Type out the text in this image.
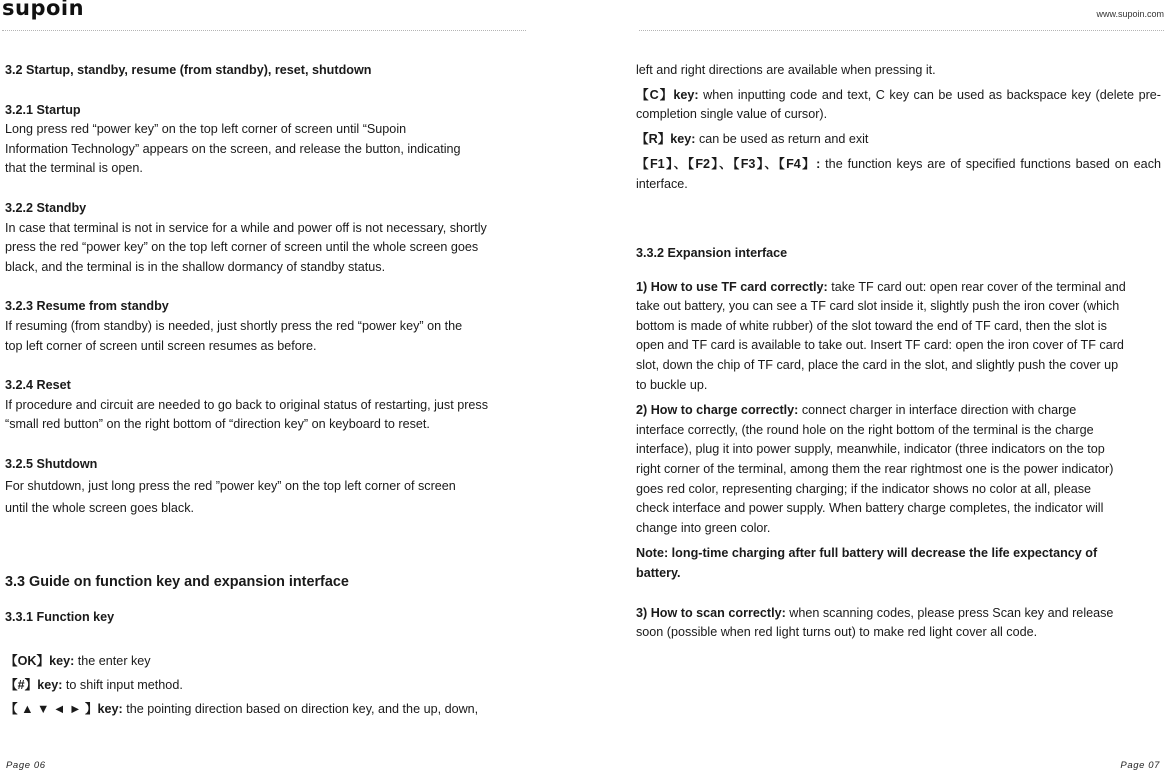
supoin

3.2 Startup, standby, resume (from standby), reset, shutdown

3.2.1 Startup

Long press red “power key” on the top left corner of screen until “Supoin

Information Technology” appears on the screen, and release the button, indicating

that the terminal is open.

3.2.2 Standby

In case that terminal is not in service for a while and power off is not necessary, shortly

press the red “power key” on the top left corner of screen until the whole screen goes

black, and the terminal is in the shallow dormancy of standby status.

3.2.3 Resume from standby

If resuming (from standby) is needed, just shortly press the red “power key” on the

top left corner of screen until screen resumes as before.

3.2.4 Reset

If procedure and circuit are needed to go back to original status of restarting, just press

“small red button” on the right bottom of “direction key” on keyboard to reset.

3.2.5 Shutdown

For shutdown, just long press the red ”power key” on the top left corner of screen

until the whole screen goes black.

3.3 Guide on function key and expansion interface

3.3.1 Function key

【OK】key: the enter key

【#】key: to shift input method.

【 ▲ ▼ ◄ ► 】key: the pointing direction based on direction key, and the up, down,

Page 06
www.supoin.com

left and right directions are available when pressing it.

【C】key: when inputting code and text, C key can be used as backspace key (delete pre-completion single value of cursor).

【R】key: can be used as return and exit

【F1】、【F2】、【F3】、【F4】: the function keys are of specified functions based on each interface.

3.3.2 Expansion interface

1) How to use TF card correctly: take TF card out: open rear cover of the terminal and

take out battery, you can see a TF card slot inside it, slightly push the iron cover (which

bottom is made of white rubber) of the slot toward the end of TF card, then the slot is

open and TF card is available to take out. Insert TF card: open the iron cover of TF card

slot, down the chip of TF card, place the card in the slot, and slightly push the cover up

to buckle up.

2) How to charge correctly: connect charger in interface direction with charge

interface correctly, (the round hole on the right bottom of the terminal is the charge

interface), plug it into power supply, meanwhile, indicator (three indicators on the top

right corner of the terminal, among them the rear rightmost one is the power indicator)

goes red color, representing charging; if the indicator shows no color at all, please

check interface and power supply. When battery charge completes, the indicator will

change into green color.

Note: long-time charging after full battery will decrease the life expectancy of

battery.

3) How to scan correctly: when scanning codes, please press Scan key and release

soon (possible when red light turns out) to make red light cover all code.

Page 07
